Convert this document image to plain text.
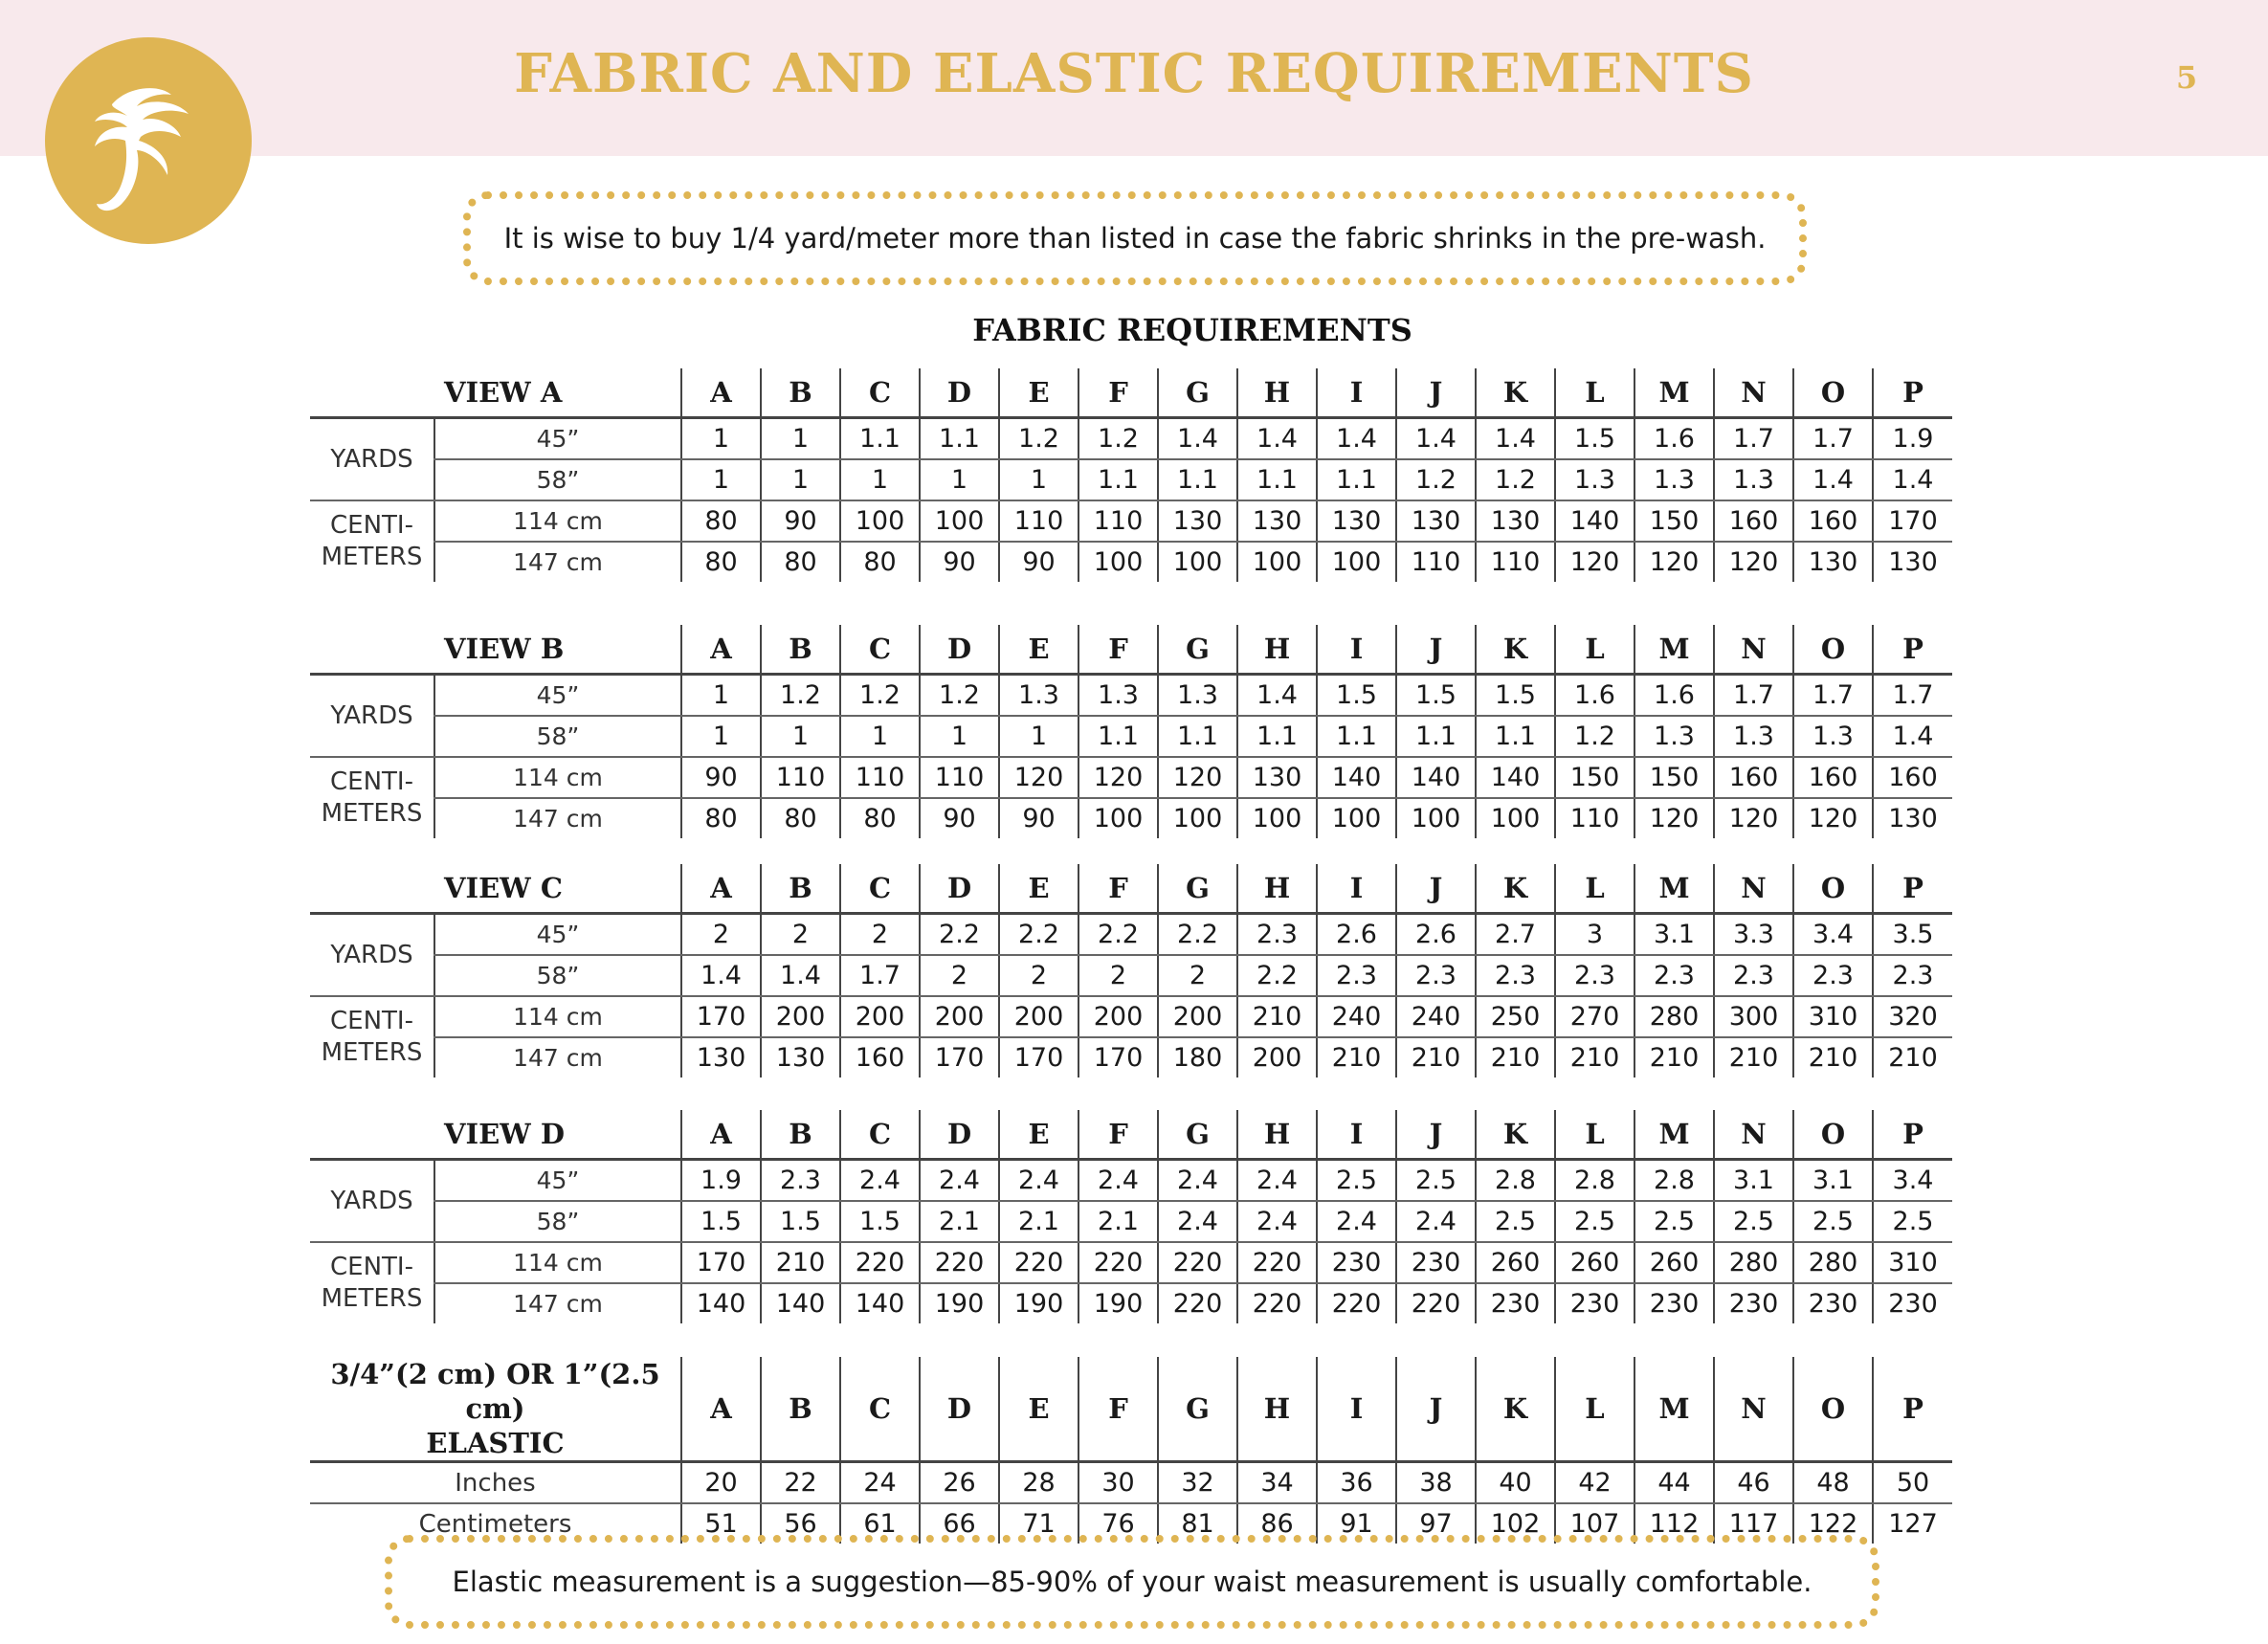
FABRIC AND ELASTIC REQUIREMENTS	5
It is wise to buy 1/4 yard/meter more than listed in case the fabric shrinks in the pre-wash.
FABRIC REQUIREMENTS
VIEW A		A	B	C	D	E	F	G	H	I	J	K	L	M	N	O	P
YARDS	45”	1	1	1.1	1.1	1.2	1.2	1.4	1.4	1.4	1.4	1.4	1.5	1.6	1.7	1.7	1.9
	58”	1	1	1	1	1	1.1	1.1	1.1	1.1	1.2	1.2	1.3	1.3	1.3	1.4	1.4
CENTI-
METERS	114 cm	80	90	100	100	110	110	130	130	130	130	130	140	150	160	160	170
	147 cm	80	80	80	90	90	100	100	100	100	110	110	120	120	120	130	130
VIEW B		A	B	C	D	E	F	G	H	I	J	K	L	M	N	O	P
YARDS	45”	1	1.2	1.2	1.2	1.3	1.3	1.3	1.4	1.5	1.5	1.5	1.6	1.6	1.7	1.7	1.7
	58”	1	1	1	1	1	1.1	1.1	1.1	1.1	1.1	1.1	1.2	1.3	1.3	1.3	1.4
CENTI-
METERS	114 cm	90	110	110	110	120	120	120	130	140	140	140	150	150	160	160	160
	147 cm	80	80	80	90	90	100	100	100	100	100	100	110	120	120	120	130
VIEW C		A	B	C	D	E	F	G	H	I	J	K	L	M	N	O	P
YARDS	45”	2	2	2	2.2	2.2	2.2	2.2	2.3	2.6	2.6	2.7	3	3.1	3.3	3.4	3.5
	58”	1.4	1.4	1.7	2	2	2	2	2.2	2.3	2.3	2.3	2.3	2.3	2.3	2.3	2.3
CENTI-
METERS	114 cm	170	200	200	200	200	200	200	210	240	240	250	270	280	300	310	320
	147 cm	130	130	160	170	170	170	180	200	210	210	210	210	210	210	210	210
VIEW D		A	B	C	D	E	F	G	H	I	J	K	L	M	N	O	P
YARDS	45”	1.9	2.3	2.4	2.4	2.4	2.4	2.4	2.4	2.5	2.5	2.8	2.8	2.8	3.1	3.1	3.4
	58”	1.5	1.5	1.5	2.1	2.1	2.1	2.4	2.4	2.4	2.4	2.5	2.5	2.5	2.5	2.5	2.5
CENTI-
METERS	114 cm	170	210	220	220	220	220	220	220	230	230	260	260	260	280	280	310
	147 cm	140	140	140	190	190	190	220	220	220	220	230	230	230	230	230	230
3/4”(2 cm) OR 1”(2.5 cm)
ELASTIC	A	B	C	D	E	F	G	H	I	J	K	L	M	N	O	P
Inches	20	22	24	26	28	30	32	34	36	38	40	42	44	46	48	50
Centimeters	51	56	61	66	71	76	81	86	91	97	102	107	112	117	122	127
Elastic measurement is a suggestion—85-90% of your waist measurement is usually comfortable.
